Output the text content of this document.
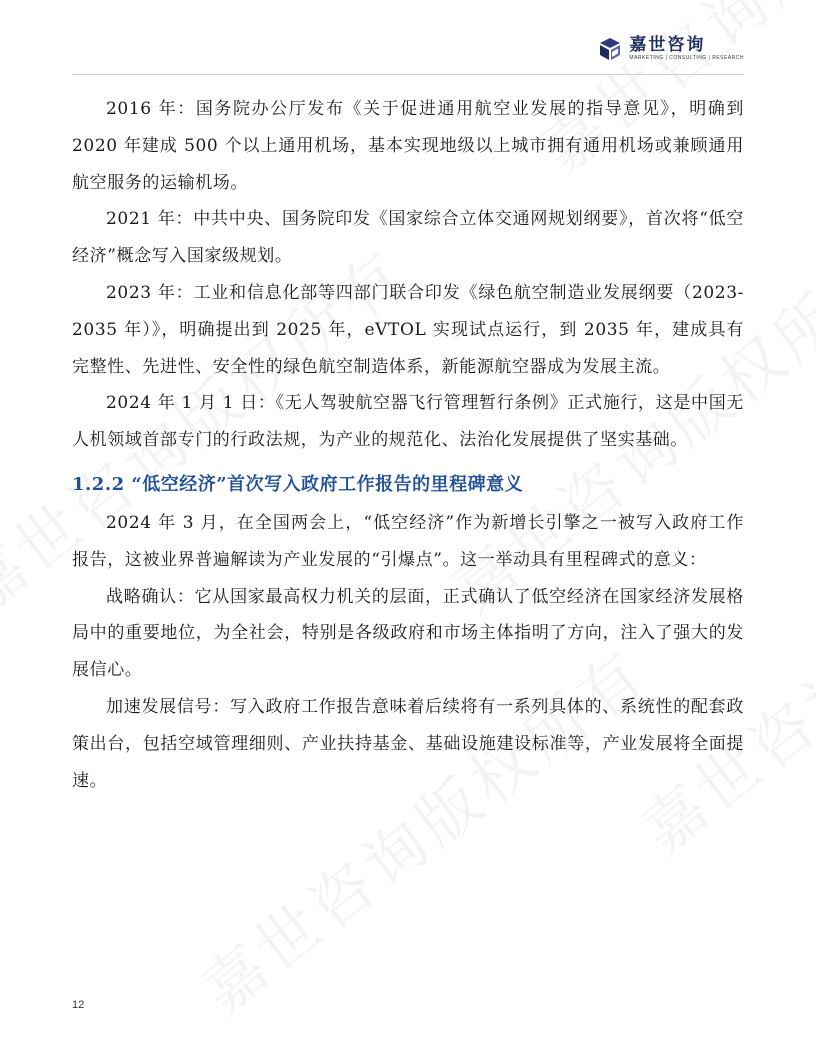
嘉世咨询
MARKETING | CONSULTING | RESEARCH

2016 年：国务院办公厅发布《关于促进通用航空业发展的指导意见》，明确到 2020 年建成 500 个以上通用机场，基本实现地级以上城市拥有通用机场或兼顾通用航空服务的运输机场。

2021 年：中共中央、国务院印发《国家综合立体交通网规划纲要》，首次将“低空经济”概念写入国家级规划。

2023 年：工业和信息化部等四部门联合印发《绿色航空制造业发展纲要（2023-2035 年）》，明确提出到 2025 年，eVTOL 实现试点运行，到 2035 年，建成具有完整性、先进性、安全性的绿色航空制造体系，新能源航空器成为发展主流。

2024 年 1 月 1 日：《无人驾驶航空器飞行管理暂行条例》正式施行，这是中国无人机领域首部专门的行政法规，为产业的规范化、法治化发展提供了坚实基础。

1.2.2 “低空经济”首次写入政府工作报告的里程碑意义

2024 年 3 月，在全国两会上，“低空经济”作为新增长引擎之一被写入政府工作报告，这被业界普遍解读为产业发展的“引爆点”。这一举动具有里程碑式的意义：

战略确认：它从国家最高权力机关的层面，正式确认了低空经济在国家经济发展格局中的重要地位，为全社会，特别是各级政府和市场主体指明了方向，注入了强大的发展信心。

加速发展信号：写入政府工作报告意味着后续将有一系列具体的、系统性的配套政策出台，包括空域管理细则、产业扶持基金、基础设施建设标准等，产业发展将全面提速。

12
